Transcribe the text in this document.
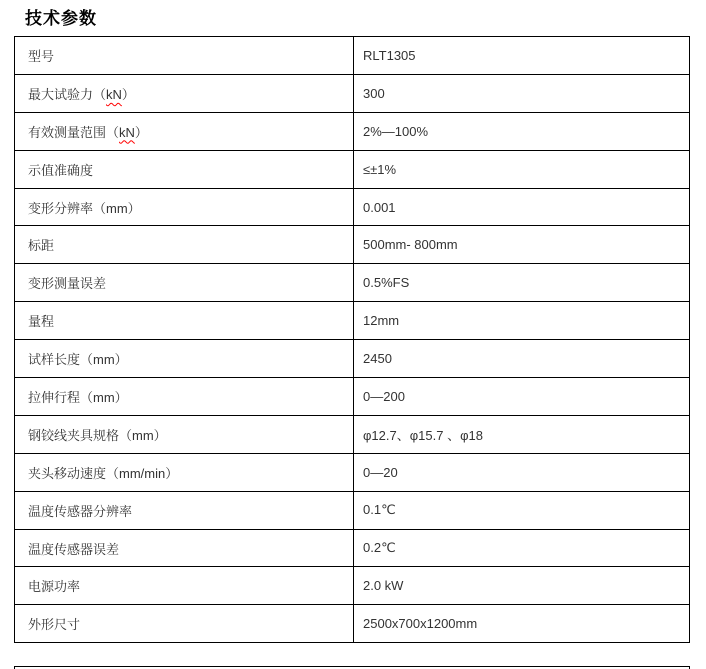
技术参数
型号	RLT1305
最大试验力（kN）	300
有效测量范围（kN）	2%—100%
示值准确度	≤±1%
变形分辨率（mm）	0.001
标距	500mm- 800mm
变形测量误差	0.5%FS
量程	12mm
试样长度（mm）	2450
拉伸行程（mm）	0—200
钢铰线夹具规格（mm）	φ12.7、φ15.7 、φ18
夹头移动速度（mm/min）	0—20
温度传感器分辨率	0.1℃
温度传感器误差	0.2℃
电源功率	2.0 kW
外形尺寸	2500x700x1200mm
